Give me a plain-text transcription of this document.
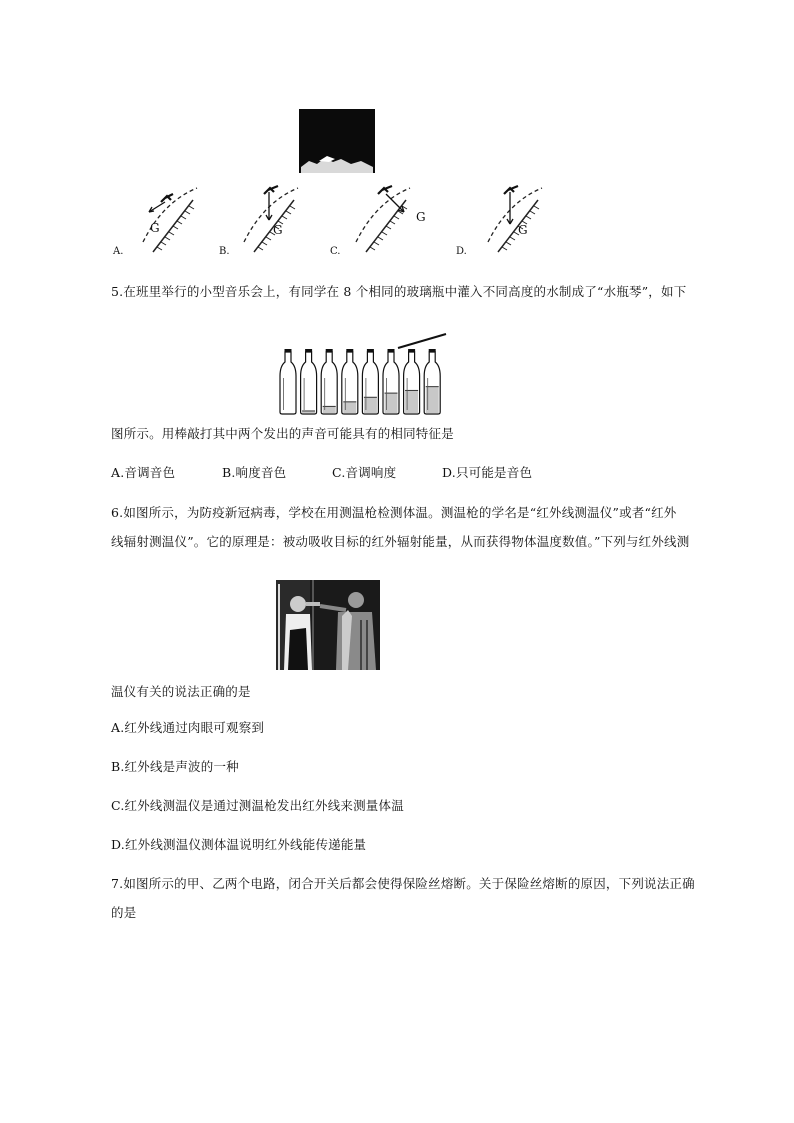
A.
G
B.
G
C.
G
D.
G
5.在班里举行的小型音乐会上，有同学在 8 个相同的玻璃瓶中灌入不同高度的水制成了“水瓶琴”，如下
图所示。用棒敲打其中两个发出的声音可能具有的相同特征是
A.音调音色	B.响度音色	C.音调响度	D.只可能是音色
6.如图所示，为防疫新冠病毒，学校在用测温枪检测体温。测温枪的学名是“红外线测温仪”或者“红外
线辐射测温仪”。它的原理是：被动吸收目标的红外辐射能量，从而获得物体温度数值。”下列与红外线测
温仪有关的说法正确的是
A.红外线通过肉眼可观察到
B.红外线是声波的一种
C.红外线测温仪是通过测温枪发出红外线来测量体温
D.红外线测温仪测体温说明红外线能传递能量
7.如图所示的甲、乙两个电路，闭合开关后都会使得保险丝熔断。关于保险丝熔断的原因，下列说法正确
的是
